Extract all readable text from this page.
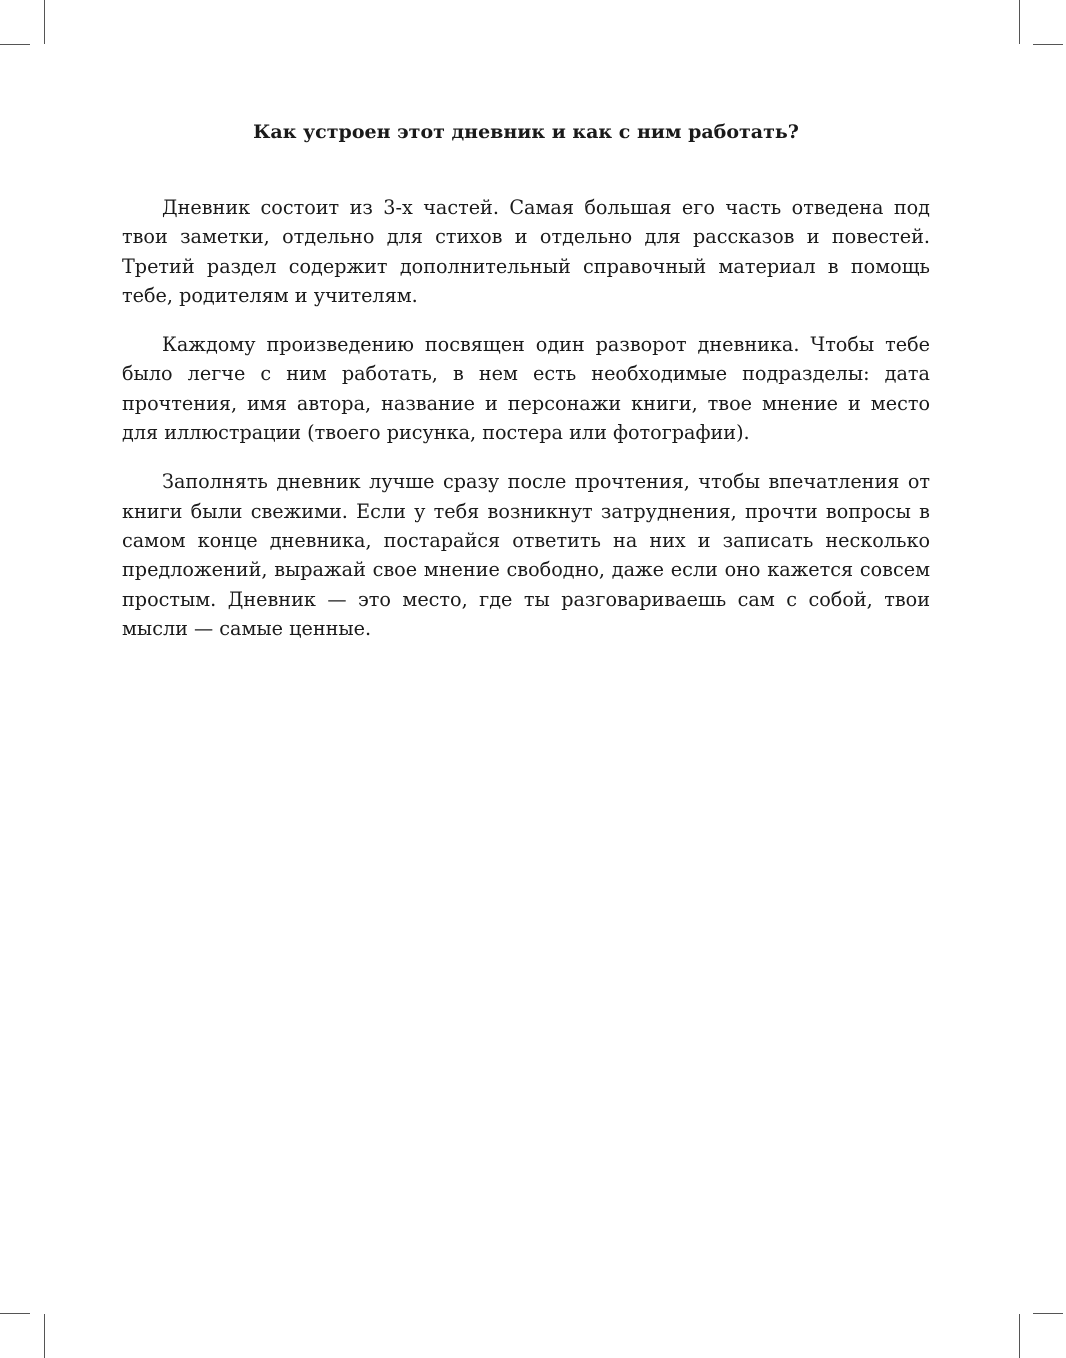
Как устроен этот дневник и как с ним работать?

Дневник состоит из 3-х частей. Самая большая его часть отведена под твои заметки, отдельно для стихов и отдельно для рассказов и повестей. Третий раздел содержит дополнительный справочный материал в помощь тебе, родителям и учителям.

Каждому произведению посвящен один разворот дневника. Чтобы тебе было легче с ним работать, в нем есть необходимые подразделы: дата прочтения, имя автора, название и персонажи книги, твое мнение и место для иллюстрации (твоего рисунка, постера или фотографии).

Заполнять дневник лучше сразу после прочтения, чтобы впечатления от книги были свежими. Если у тебя возникнут затруднения, прочти вопросы в самом конце дневника, постарайся ответить на них и записать несколько предложений, выражай свое мнение свободно, даже если оно кажется совсем простым. Дневник — это место, где ты разговариваешь сам с собой, твои мысли — самые ценные.
